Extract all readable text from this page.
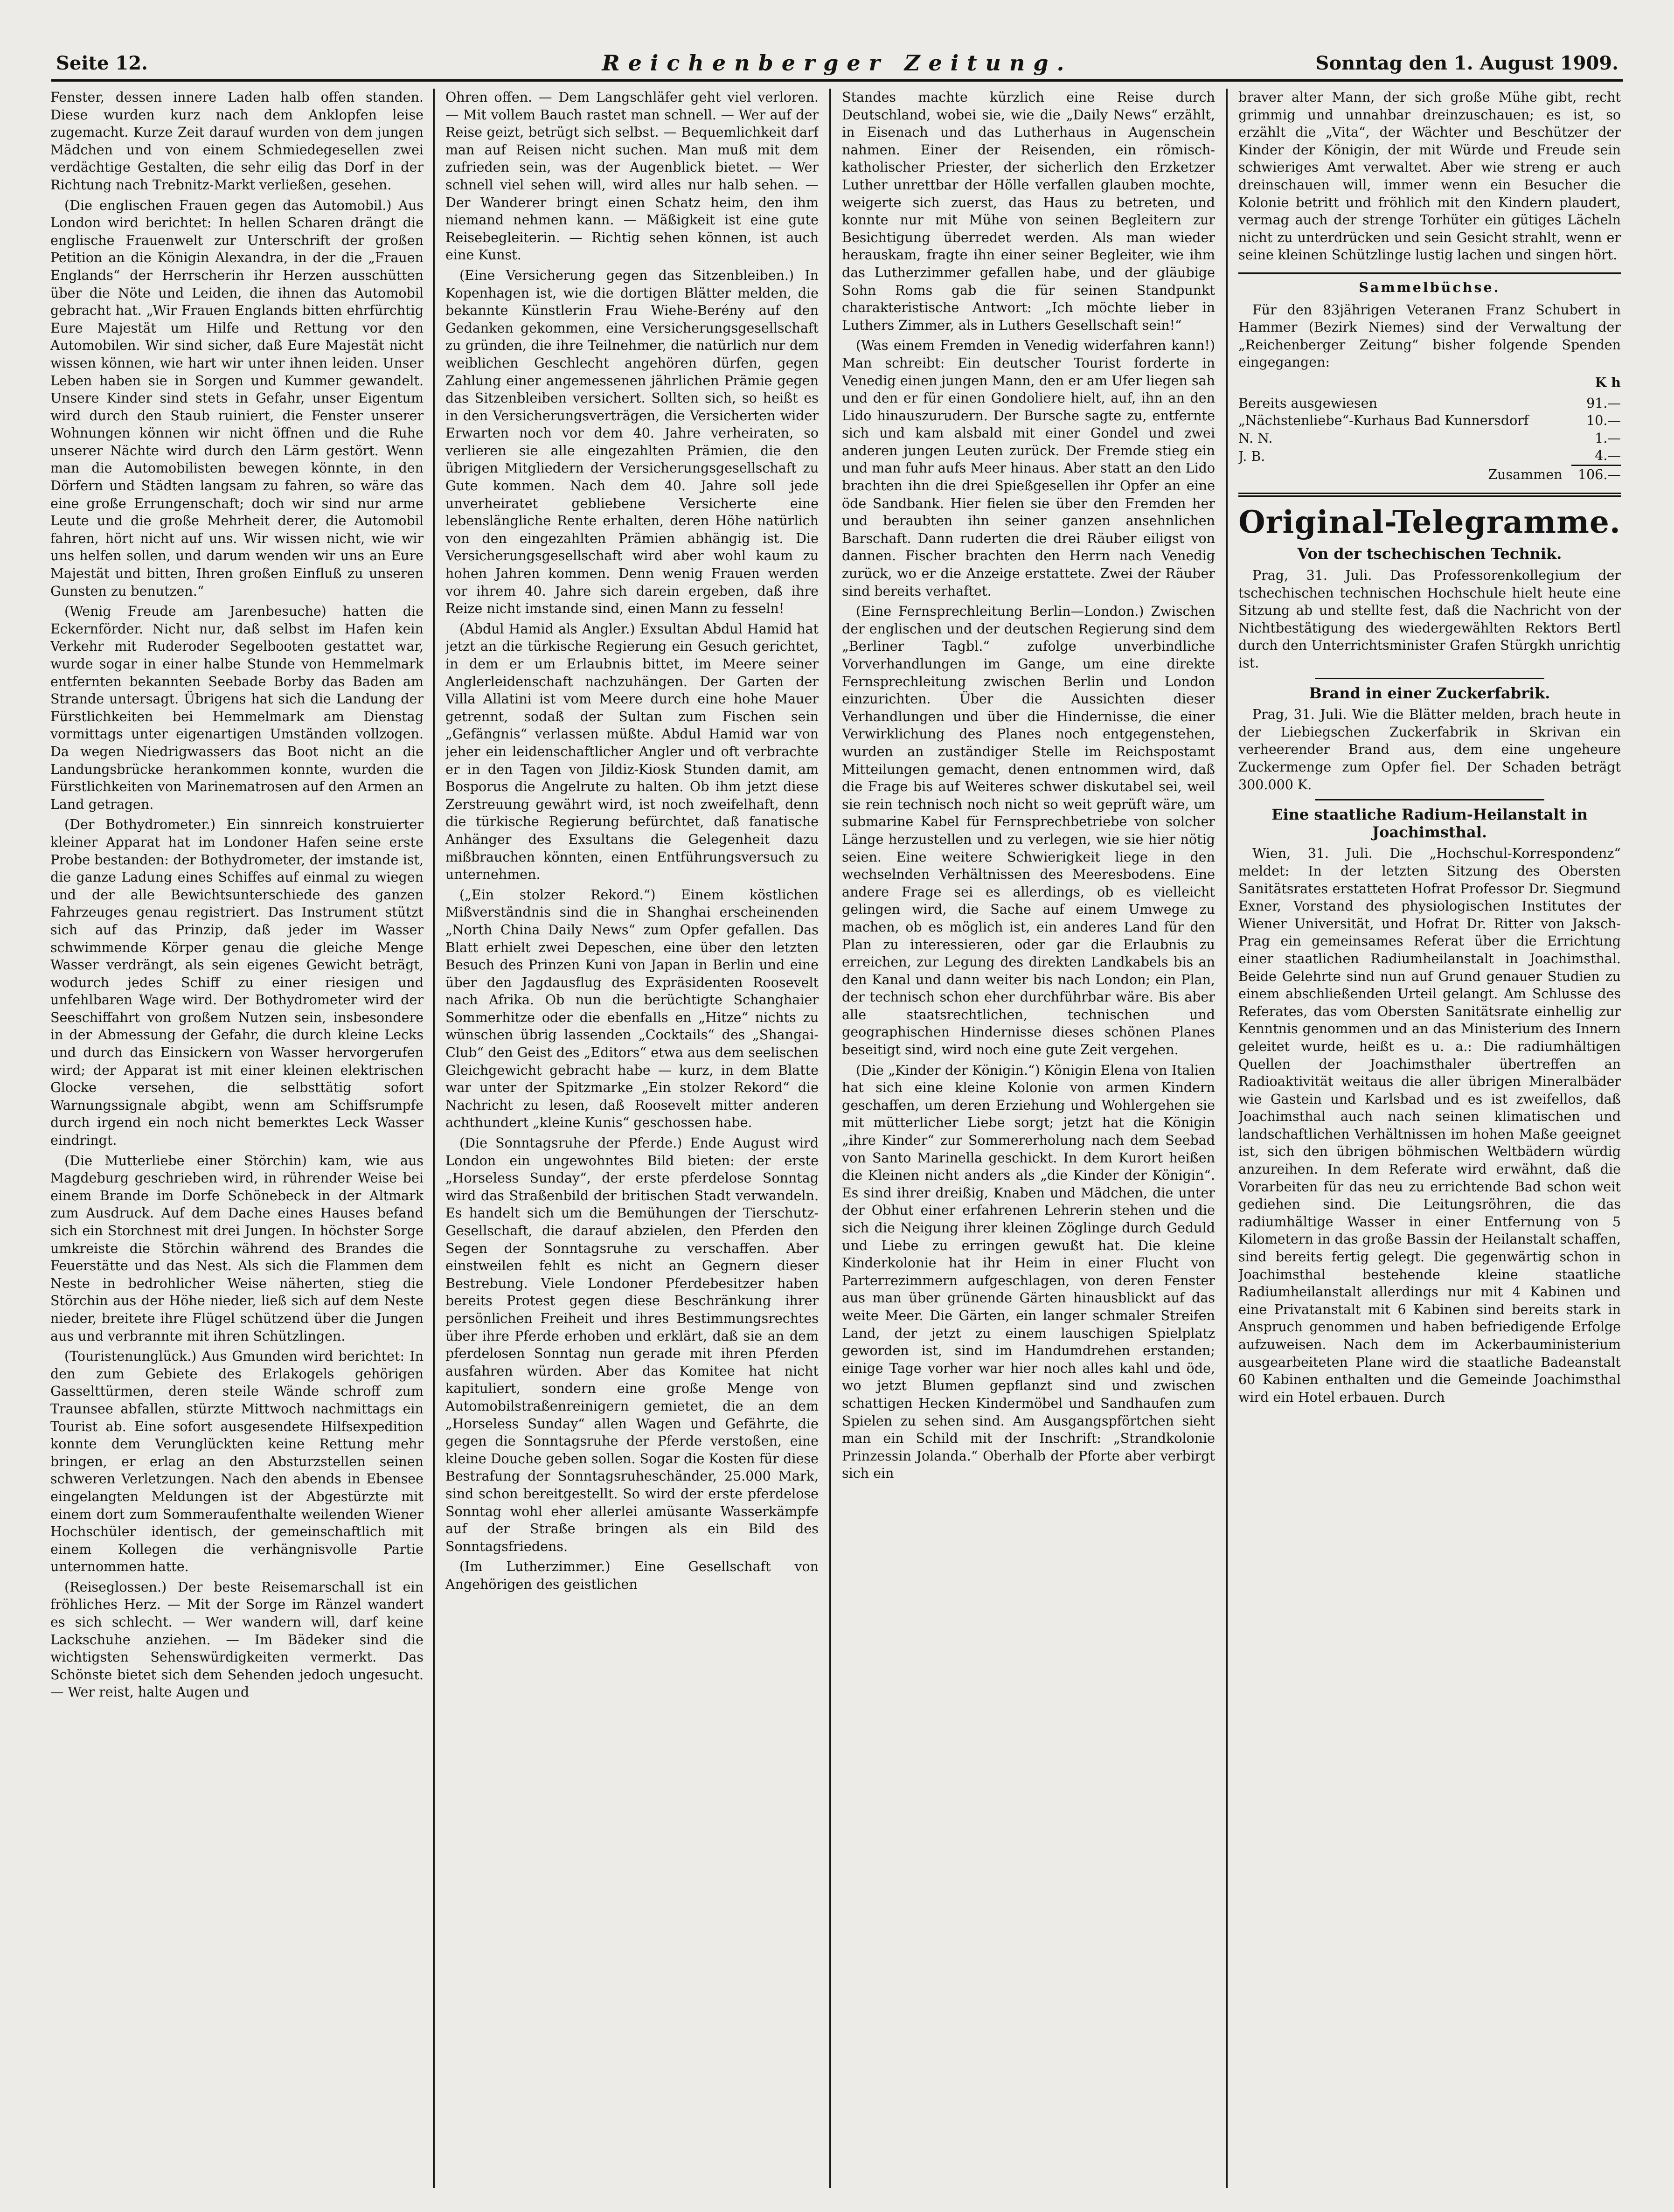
Seite 12.	Reichenberger Zeitung.	Sonntag den 1. August 1909.

Fenster, dessen innere Laden halb offen standen. Diese wurden kurz nach dem Anklopfen leise zugemacht. Kurze Zeit darauf wurden von dem jungen Mädchen und von einem Schmiedegesellen zwei verdächtige Gestalten, die sehr eilig das Dorf in der Richtung nach Trebnitz-Markt verließen, gesehen.

(Die englischen Frauen gegen das Automobil.) Aus London wird berichtet: In hellen Scharen drängt die englische Frauenwelt zur Unterschrift der großen Petition an die Königin Alexandra, in der die „Frauen Englands“ der Herrscherin ihr Herzen ausschütten über die Nöte und Leiden, die ihnen das Automobil gebracht hat. „Wir Frauen Englands bitten ehrfürchtig Eure Majestät um Hilfe und Rettung vor den Automobilen. Wir sind sicher, daß Eure Majestät nicht wissen können, wie hart wir unter ihnen leiden. Unser Leben haben sie in Sorgen und Kummer gewandelt. Unsere Kinder sind stets in Gefahr, unser Eigentum wird durch den Staub ruiniert, die Fenster unserer Wohnungen können wir nicht öffnen und die Ruhe unserer Nächte wird durch den Lärm gestört. Wenn man die Automobilisten bewegen könnte, in den Dörfern und Städten langsam zu fahren, so wäre das eine große Errungenschaft; doch wir sind nur arme Leute und die große Mehrheit derer, die Automobil fahren, hört nicht auf uns. Wir wissen nicht, wie wir uns helfen sollen, und darum wenden wir uns an Eure Majestät und bitten, Ihren großen Einfluß zu unseren Gunsten zu benutzen.“

(Wenig Freude am Jarenbesuche) hatten die Eckernförder. Nicht nur, daß selbst im Hafen kein Verkehr mit Ruderoder Segelbooten gestattet war, wurde sogar in einer halbe Stunde von Hemmelmark entfernten bekannten Seebade Borby das Baden am Strande untersagt. Übrigens hat sich die Landung der Fürstlichkeiten bei Hemmelmark am Dienstag vormittags unter eigenartigen Umständen vollzogen. Da wegen Niedrigwassers das Boot nicht an die Landungsbrücke herankommen konnte, wurden die Fürstlichkeiten von Marinematrosen auf den Armen an Land getragen.

(Der Bothydrometer.) Ein sinnreich konstruierter kleiner Apparat hat im Londoner Hafen seine erste Probe bestanden: der Bothydrometer, der imstande ist, die ganze Ladung eines Schiffes auf einmal zu wiegen und der alle Bewichtsunterschiede des ganzen Fahrzeuges genau registriert. Das Instrument stützt sich auf das Prinzip, daß jeder im Wasser schwimmende Körper genau die gleiche Menge Wasser verdrängt, als sein eigenes Gewicht beträgt, wodurch jedes Schiff zu einer riesigen und unfehlbaren Wage wird. Der Bothydrometer wird der Seeschiffahrt von großem Nutzen sein, insbesondere in der Abmessung der Gefahr, die durch kleine Lecks und durch das Einsickern von Wasser hervorgerufen wird; der Apparat ist mit einer kleinen elektrischen Glocke versehen, die selbsttätig sofort Warnungssignale abgibt, wenn am Schiffsrumpfe durch irgend ein noch nicht bemerktes Leck Wasser eindringt.

(Die Mutterliebe einer Störchin) kam, wie aus Magdeburg geschrieben wird, in rührender Weise bei einem Brande im Dorfe Schönebeck in der Altmark zum Ausdruck. Auf dem Dache eines Hauses befand sich ein Storchnest mit drei Jungen. In höchster Sorge umkreiste die Störchin während des Brandes die Feuerstätte und das Nest. Als sich die Flammen dem Neste in bedrohlicher Weise näherten, stieg die Störchin aus der Höhe nieder, ließ sich auf dem Neste nieder, breitete ihre Flügel schützend über die Jungen aus und verbrannte mit ihren Schützlingen.

(Touristenunglück.) Aus Gmunden wird berichtet: In den zum Gebiete des Erlakogels gehörigen Gasselttürmen, deren steile Wände schroff zum Traunsee abfallen, stürzte Mittwoch nachmittags ein Tourist ab. Eine sofort ausgesendete Hilfsexpedition konnte dem Verunglückten keine Rettung mehr bringen, er erlag an den Absturzstellen seinen schweren Verletzungen. Nach den abends in Ebensee eingelangten Meldungen ist der Abgestürzte mit einem dort zum Sommeraufenthalte weilenden Wiener Hochschüler identisch, der gemeinschaftlich mit einem Kollegen die verhängnisvolle Partie unternommen hatte.

(Reiseglossen.) Der beste Reisemarschall ist ein fröhliches Herz. — Mit der Sorge im Ränzel wandert es sich schlecht. — Wer wandern will, darf keine Lackschuhe anziehen. — Im Bädeker sind die wichtigsten Sehenswürdigkeiten vermerkt. Das Schönste bietet sich dem Sehenden jedoch ungesucht. — Wer reist, halte Augen und

Ohren offen. — Dem Langschläfer geht viel verloren. — Mit vollem Bauch rastet man schnell. — Wer auf der Reise geizt, betrügt sich selbst. — Bequemlichkeit darf man auf Reisen nicht suchen. Man muß mit dem zufrieden sein, was der Augenblick bietet. — Wer schnell viel sehen will, wird alles nur halb sehen. — Der Wanderer bringt einen Schatz heim, den ihm niemand nehmen kann. — Mäßigkeit ist eine gute Reisebegleiterin. — Richtig sehen können, ist auch eine Kunst.

(Eine Versicherung gegen das Sitzenbleiben.) In Kopenhagen ist, wie die dortigen Blätter melden, die bekannte Künstlerin Frau Wiehe-Berény auf den Gedanken gekommen, eine Versicherungsgesellschaft zu gründen, die ihre Teilnehmer, die natürlich nur dem weiblichen Geschlecht angehören dürfen, gegen Zahlung einer angemessenen jährlichen Prämie gegen das Sitzenbleiben versichert. Sollten sich, so heißt es in den Versicherungsverträgen, die Versicherten wider Erwarten noch vor dem 40. Jahre verheiraten, so verlieren sie alle eingezahlten Prämien, die den übrigen Mitgliedern der Versicherungsgesellschaft zu Gute kommen. Nach dem 40. Jahre soll jede unverheiratet gebliebene Versicherte eine lebenslängliche Rente erhalten, deren Höhe natürlich von den eingezahlten Prämien abhängig ist. Die Versicherungsgesellschaft wird aber wohl kaum zu hohen Jahren kommen. Denn wenig Frauen werden vor ihrem 40. Jahre sich darein ergeben, daß ihre Reize nicht imstande sind, einen Mann zu fesseln!

(Abdul Hamid als Angler.) Exsultan Abdul Hamid hat jetzt an die türkische Regierung ein Gesuch gerichtet, in dem er um Erlaubnis bittet, im Meere seiner Anglerleidenschaft nachzuhängen. Der Garten der Villa Allatini ist vom Meere durch eine hohe Mauer getrennt, sodaß der Sultan zum Fischen sein „Gefängnis“ verlassen müßte. Abdul Hamid war von jeher ein leidenschaftlicher Angler und oft verbrachte er in den Tagen von Jildiz-Kiosk Stunden damit, am Bosporus die Angelrute zu halten. Ob ihm jetzt diese Zerstreuung gewährt wird, ist noch zweifelhaft, denn die türkische Regierung befürchtet, daß fanatische Anhänger des Exsultans die Gelegenheit dazu mißbrauchen könnten, einen Entführungsversuch zu unternehmen.

(„Ein stolzer Rekord.“) Einem köstlichen Mißverständnis sind die in Shanghai erscheinenden „North China Daily News“ zum Opfer gefallen. Das Blatt erhielt zwei Depeschen, eine über den letzten Besuch des Prinzen Kuni von Japan in Berlin und eine über den Jagdausflug des Expräsidenten Roosevelt nach Afrika. Ob nun die berüchtigte Schanghaier Sommerhitze oder die ebenfalls en „Hitze“ nichts zu wünschen übrig lassenden „Cocktails“ des „Shangai-Club“ den Geist des „Editors“ etwa aus dem seelischen Gleichgewicht gebracht habe — kurz, in dem Blatte war unter der Spitzmarke „Ein stolzer Rekord“ die Nachricht zu lesen, daß Roosevelt mitter anderen achthundert „kleine Kunis“ geschossen habe.

(Die Sonntagsruhe der Pferde.) Ende August wird London ein ungewohntes Bild bieten: der erste „Horseless Sunday“, der erste pferdelose Sonntag wird das Straßenbild der britischen Stadt verwandeln. Es handelt sich um die Bemühungen der Tierschutz-Gesellschaft, die darauf abzielen, den Pferden den Segen der Sonntagsruhe zu verschaffen. Aber einstweilen fehlt es nicht an Gegnern dieser Bestrebung. Viele Londoner Pferdebesitzer haben bereits Protest gegen diese Beschränkung ihrer persönlichen Freiheit und ihres Bestimmungsrechtes über ihre Pferde erhoben und erklärt, daß sie an dem pferdelosen Sonntag nun gerade mit ihren Pferden ausfahren würden. Aber das Komitee hat nicht kapituliert, sondern eine große Menge von Automobilstraßenreinigern gemietet, die an dem „Horseless Sunday“ allen Wagen und Gefährte, die gegen die Sonntagsruhe der Pferde verstoßen, eine kleine Douche geben sollen. Sogar die Kosten für diese Bestrafung der Sonntagsruheschänder, 25.000 Mark, sind schon bereitgestellt. So wird der erste pferdelose Sonntag wohl eher allerlei amüsante Wasserkämpfe auf der Straße bringen als ein Bild des Sonntagsfriedens.

(Im Lutherzimmer.) Eine Gesellschaft von Angehörigen des geistlichen

Standes machte kürzlich eine Reise durch Deutschland, wobei sie, wie die „Daily News“ erzählt, in Eisenach und das Lutherhaus in Augenschein nahmen. Einer der Reisenden, ein römisch-katholischer Priester, der sicherlich den Erzketzer Luther unrettbar der Hölle verfallen glauben mochte, weigerte sich zuerst, das Haus zu betreten, und konnte nur mit Mühe von seinen Begleitern zur Besichtigung überredet werden. Als man wieder herauskam, fragte ihn einer seiner Begleiter, wie ihm das Lutherzimmer gefallen habe, und der gläubige Sohn Roms gab die für seinen Standpunkt charakteristische Antwort: „Ich möchte lieber in Luthers Zimmer, als in Luthers Gesellschaft sein!“

(Was einem Fremden in Venedig widerfahren kann!) Man schreibt: Ein deutscher Tourist forderte in Venedig einen jungen Mann, den er am Ufer liegen sah und den er für einen Gondoliere hielt, auf, ihn an den Lido hinauszurudern. Der Bursche sagte zu, entfernte sich und kam alsbald mit einer Gondel und zwei anderen jungen Leuten zurück. Der Fremde stieg ein und man fuhr aufs Meer hinaus. Aber statt an den Lido brachten ihn die drei Spießgesellen ihr Opfer an eine öde Sandbank. Hier fielen sie über den Fremden her und beraubten ihn seiner ganzen ansehnlichen Barschaft. Dann ruderten die drei Räuber eiligst von dannen. Fischer brachten den Herrn nach Venedig zurück, wo er die Anzeige erstattete. Zwei der Räuber sind bereits verhaftet.

(Eine Fernsprechleitung Berlin—London.) Zwischen der englischen und der deutschen Regierung sind dem „Berliner Tagbl.“ zufolge unverbindliche Vorverhandlungen im Gange, um eine direkte Fernsprechleitung zwischen Berlin und London einzurichten. Über die Aussichten dieser Verhandlungen und über die Hindernisse, die einer Verwirklichung des Planes noch entgegenstehen, wurden an zuständiger Stelle im Reichspostamt Mitteilungen gemacht, denen entnommen wird, daß die Frage bis auf Weiteres schwer diskutabel sei, weil sie rein technisch noch nicht so weit geprüft wäre, um submarine Kabel für Fernsprechbetriebe von solcher Länge herzustellen und zu verlegen, wie sie hier nötig seien. Eine weitere Schwierigkeit liege in den wechselnden Verhältnissen des Meeresbodens. Eine andere Frage sei es allerdings, ob es vielleicht gelingen wird, die Sache auf einem Umwege zu machen, ob es möglich ist, ein anderes Land für den Plan zu interessieren, oder gar die Erlaubnis zu erreichen, zur Legung des direkten Landkabels bis an den Kanal und dann weiter bis nach London; ein Plan, der technisch schon eher durchführbar wäre. Bis aber alle staatsrechtlichen, technischen und geographischen Hindernisse dieses schönen Planes beseitigt sind, wird noch eine gute Zeit vergehen.

(Die „Kinder der Königin.“) Königin Elena von Italien hat sich eine kleine Kolonie von armen Kindern geschaffen, um deren Erziehung und Wohlergehen sie mit mütterlicher Liebe sorgt; jetzt hat die Königin „ihre Kinder“ zur Sommererholung nach dem Seebad von Santo Marinella geschickt. In dem Kurort heißen die Kleinen nicht anders als „die Kinder der Königin“. Es sind ihrer dreißig, Knaben und Mädchen, die unter der Obhut einer erfahrenen Lehrerin stehen und die sich die Neigung ihrer kleinen Zöglinge durch Geduld und Liebe zu erringen gewußt hat. Die kleine Kinderkolonie hat ihr Heim in einer Flucht von Parterrezimmern aufgeschlagen, von deren Fenster aus man über grünende Gärten hinausblickt auf das weite Meer. Die Gärten, ein langer schmaler Streifen Land, der jetzt zu einem lauschigen Spielplatz geworden ist, sind im Handumdrehen erstanden; einige Tage vorher war hier noch alles kahl und öde, wo jetzt Blumen gepflanzt sind und zwischen schattigen Hecken Kindermöbel und Sandhaufen zum Spielen zu sehen sind. Am Ausgangspförtchen sieht man ein Schild mit der Inschrift: „Strandkolonie Prinzessin Jolanda.“ Oberhalb der Pforte aber verbirgt sich ein

braver alter Mann, der sich große Mühe gibt, recht grimmig und unnahbar dreinzuschauen; es ist, so erzählt die „Vita“, der Wächter und Beschützer der Kinder der Königin, der mit Würde und Freude sein schwieriges Amt verwaltet. Aber wie streng er auch dreinschauen will, immer wenn ein Besucher die Kolonie betritt und fröhlich mit den Kindern plaudert, vermag auch der strenge Torhüter ein gütiges Lächeln nicht zu unterdrücken und sein Gesicht strahlt, wenn er seine kleinen Schützlinge lustig lachen und singen hört.

Sammelbüchse.

Für den 83jährigen Veteranen Franz Schubert in Hammer (Bezirk Niemes) sind der Verwaltung der „Reichenberger Zeitung“ bisher folgende Spenden eingegangen:

K h

Bereits ausgewiesen	91.—
„Nächstenliebe“-Kurhaus Bad Kunnersdorf	10.—
N. N.	1.—
J. B.	4.—
Zusammen	106.—
Original-Telegramme.
Von der tschechischen Technik.

Prag, 31. Juli. Das Professorenkollegium der tschechischen technischen Hochschule hielt heute eine Sitzung ab und stellte fest, daß die Nachricht von der Nichtbestätigung des wiedergewählten Rektors Bertl durch den Unterrichtsminister Grafen Stürgkh unrichtig ist.

Brand in einer Zuckerfabrik.

Prag, 31. Juli. Wie die Blätter melden, brach heute in der Liebiegschen Zuckerfabrik in Skrivan ein verheerender Brand aus, dem eine ungeheure Zuckermenge zum Opfer fiel. Der Schaden beträgt 300.000 K.

Eine staatliche Radium-Heilanstalt in Joachimsthal.

Wien, 31. Juli. Die „Hochschul-Korrespondenz“ meldet: In der letzten Sitzung des Obersten Sanitätsrates erstatteten Hofrat Professor Dr. Siegmund Exner, Vorstand des physiologischen Institutes der Wiener Universität, und Hofrat Dr. Ritter von Jaksch-Prag ein gemeinsames Referat über die Errichtung einer staatlichen Radiumheilanstalt in Joachimsthal. Beide Gelehrte sind nun auf Grund genauer Studien zu einem abschließenden Urteil gelangt. Am Schlusse des Referates, das vom Obersten Sanitätsrate einhellig zur Kenntnis genommen und an das Ministerium des Innern geleitet wurde, heißt es u. a.: Die radiumhältigen Quellen der Joachimsthaler übertreffen an Radioaktivität weitaus die aller übrigen Mineralbäder wie Gastein und Karlsbad und es ist zweifellos, daß Joachimsthal auch nach seinen klimatischen und landschaftlichen Verhältnissen im hohen Maße geeignet ist, sich den übrigen böhmischen Weltbädern würdig anzureihen. In dem Referate wird erwähnt, daß die Vorarbeiten für das neu zu errichtende Bad schon weit gediehen sind. Die Leitungsröhren, die das radiumhältige Wasser in einer Entfernung von 5 Kilometern in das große Bassin der Heilanstalt schaffen, sind bereits fertig gelegt. Die gegenwärtig schon in Joachimsthal bestehende kleine staatliche Radiumheilanstalt allerdings nur mit 4 Kabinen und eine Privatanstalt mit 6 Kabinen sind bereits stark in Anspruch genommen und haben befriedigende Erfolge aufzuweisen. Nach dem im Ackerbauministerium ausgearbeiteten Plane wird die staatliche Badeanstalt 60 Kabinen enthalten und die Gemeinde Joachimsthal wird ein Hotel erbauen. Durch
